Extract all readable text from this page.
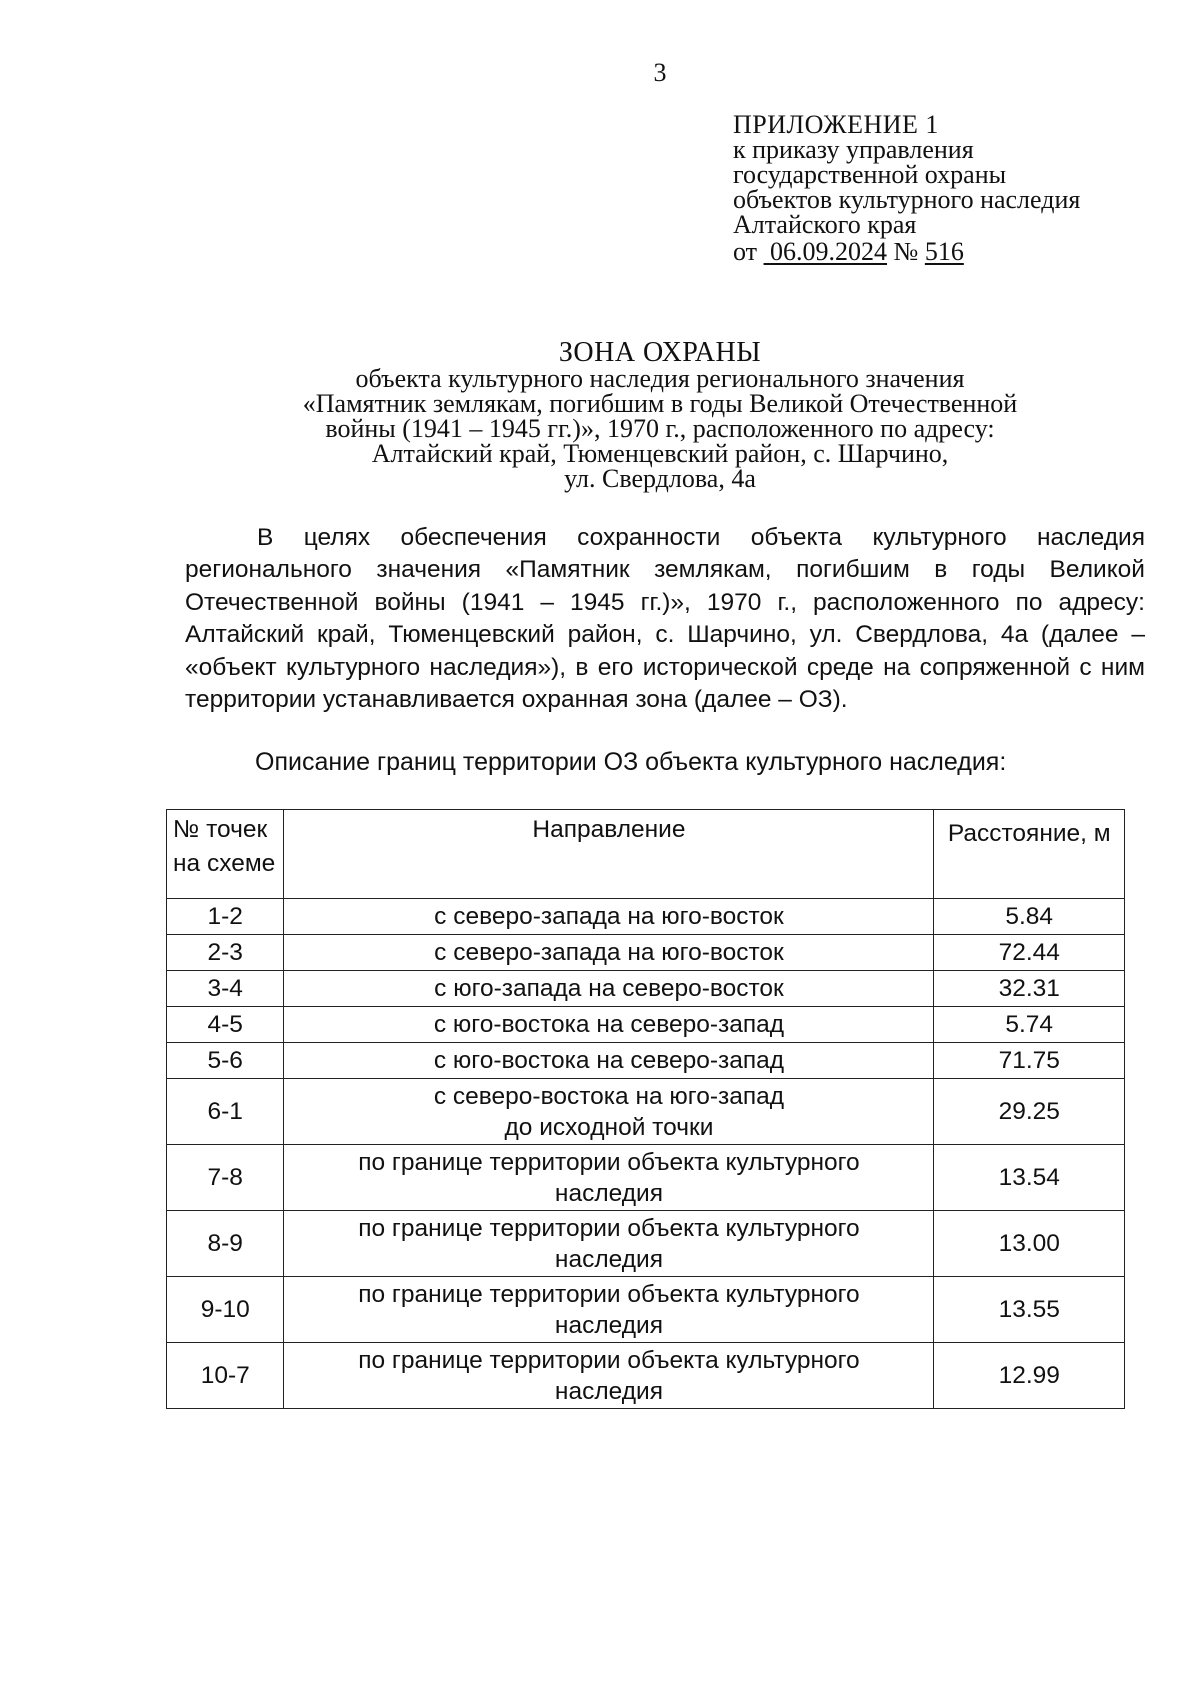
3
ПРИЛОЖЕНИЕ 1
к приказу управления
государственной охраны
объектов культурного наследия
Алтайского края
от 06.09.2024 № 516
ЗОНА ОХРАНЫ
объекта культурного наследия регионального значения
«Памятник землякам, погибшим в годы Великой Отечественной
войны (1941 – 1945 гг.)», 1970 г., расположенного по адресу:
Алтайский край, Тюменцевский район, с. Шарчино,
ул. Свердлова, 4а
В целях обеспечения сохранности объекта культурного наследия регионального значения «Памятник землякам, погибшим в годы Великой Отечественной войны (1941 – 1945 гг.)», 1970 г., расположенного по адресу: Алтайский край, Тюменцевский район, с. Шарчино, ул. Свердлова, 4а (далее – «объект культурного наследия»), в его исторической среде на сопряженной с ним территории устанавливается охранная зона (далее – ОЗ).
Описание границ территории ОЗ объекта культурного наследия:
№ точек
на схеме	Направление	Расстояние, м
1-2	с северо-запада на юго-восток	5.84
2-3	с северо-запада на юго-восток	72.44
3-4	с юго-запада на северо-восток	32.31
4-5	с юго-востока на северо-запад	5.74
5-6	с юго-востока на северо-запад	71.75
6-1	с северо-востока на юго-запад
до исходной точки	29.25
7-8	по границе территории объекта культурного
наследия	13.54
8-9	по границе территории объекта культурного
наследия	13.00
9-10	по границе территории объекта культурного
наследия	13.55
10-7	по границе территории объекта культурного
наследия	12.99
